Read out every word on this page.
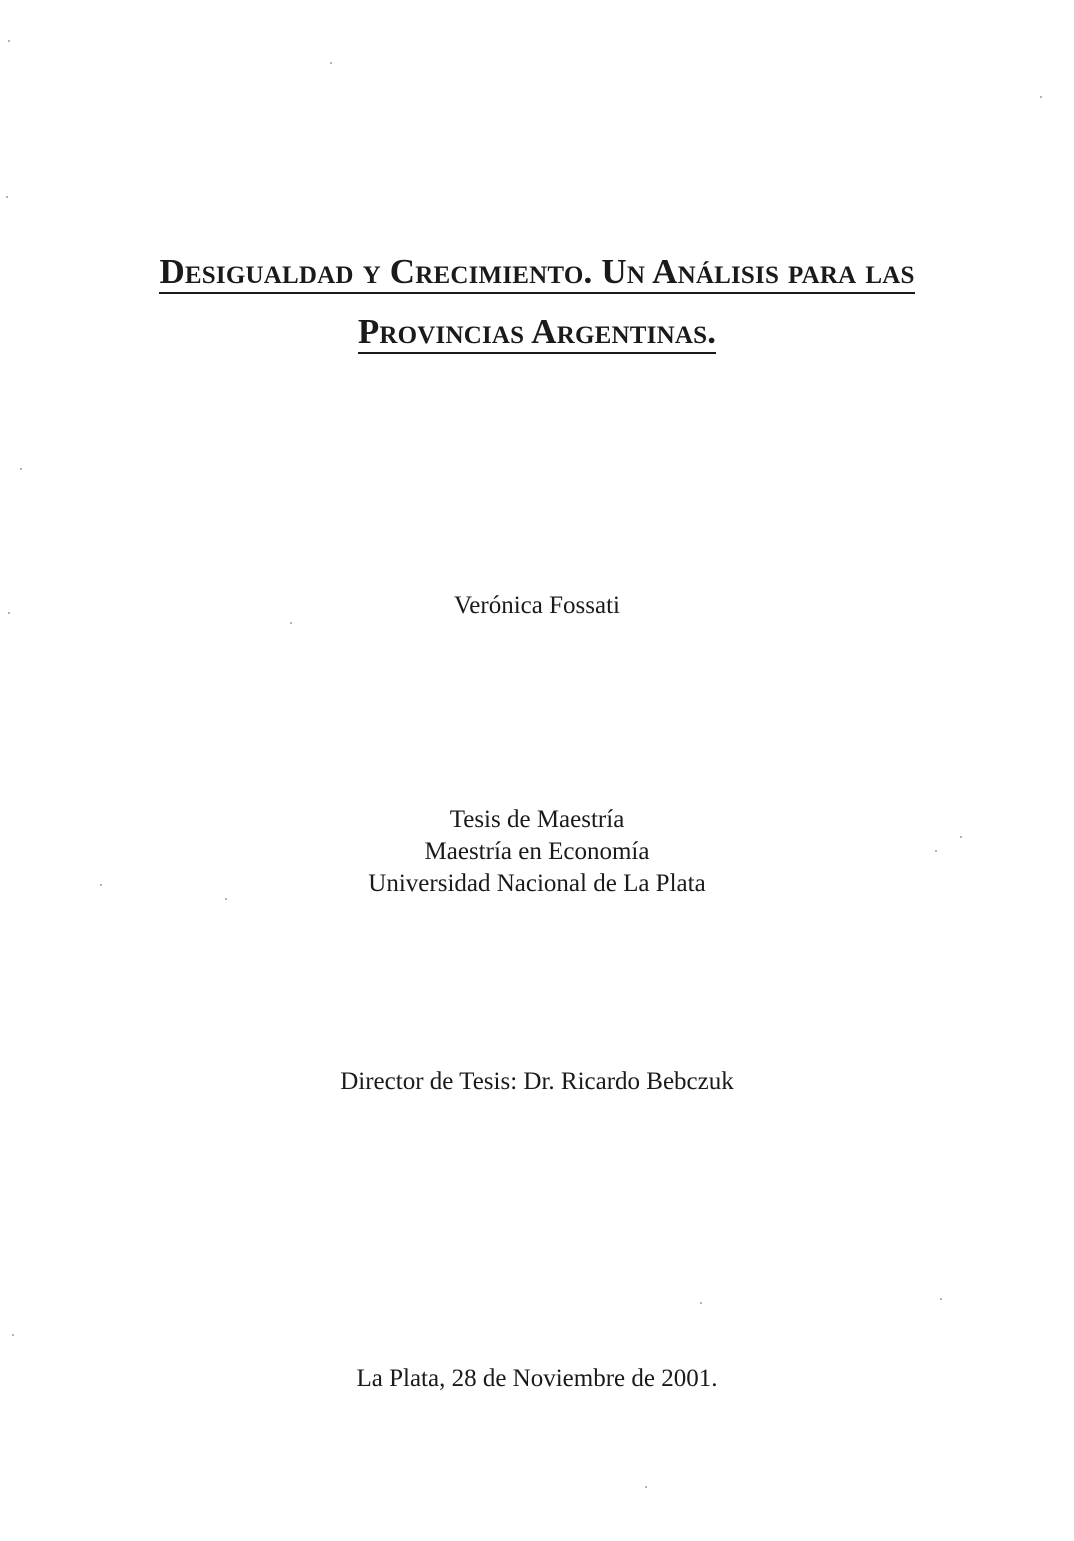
Desigualdad y Crecimiento. Un Análisis para las
Provincias Argentinas.
Verónica Fossati
Tesis de Maestría
Maestría en Economía
Universidad Nacional de La Plata
Director de Tesis: Dr. Ricardo Bebczuk
La Plata, 28 de Noviembre de 2001.
